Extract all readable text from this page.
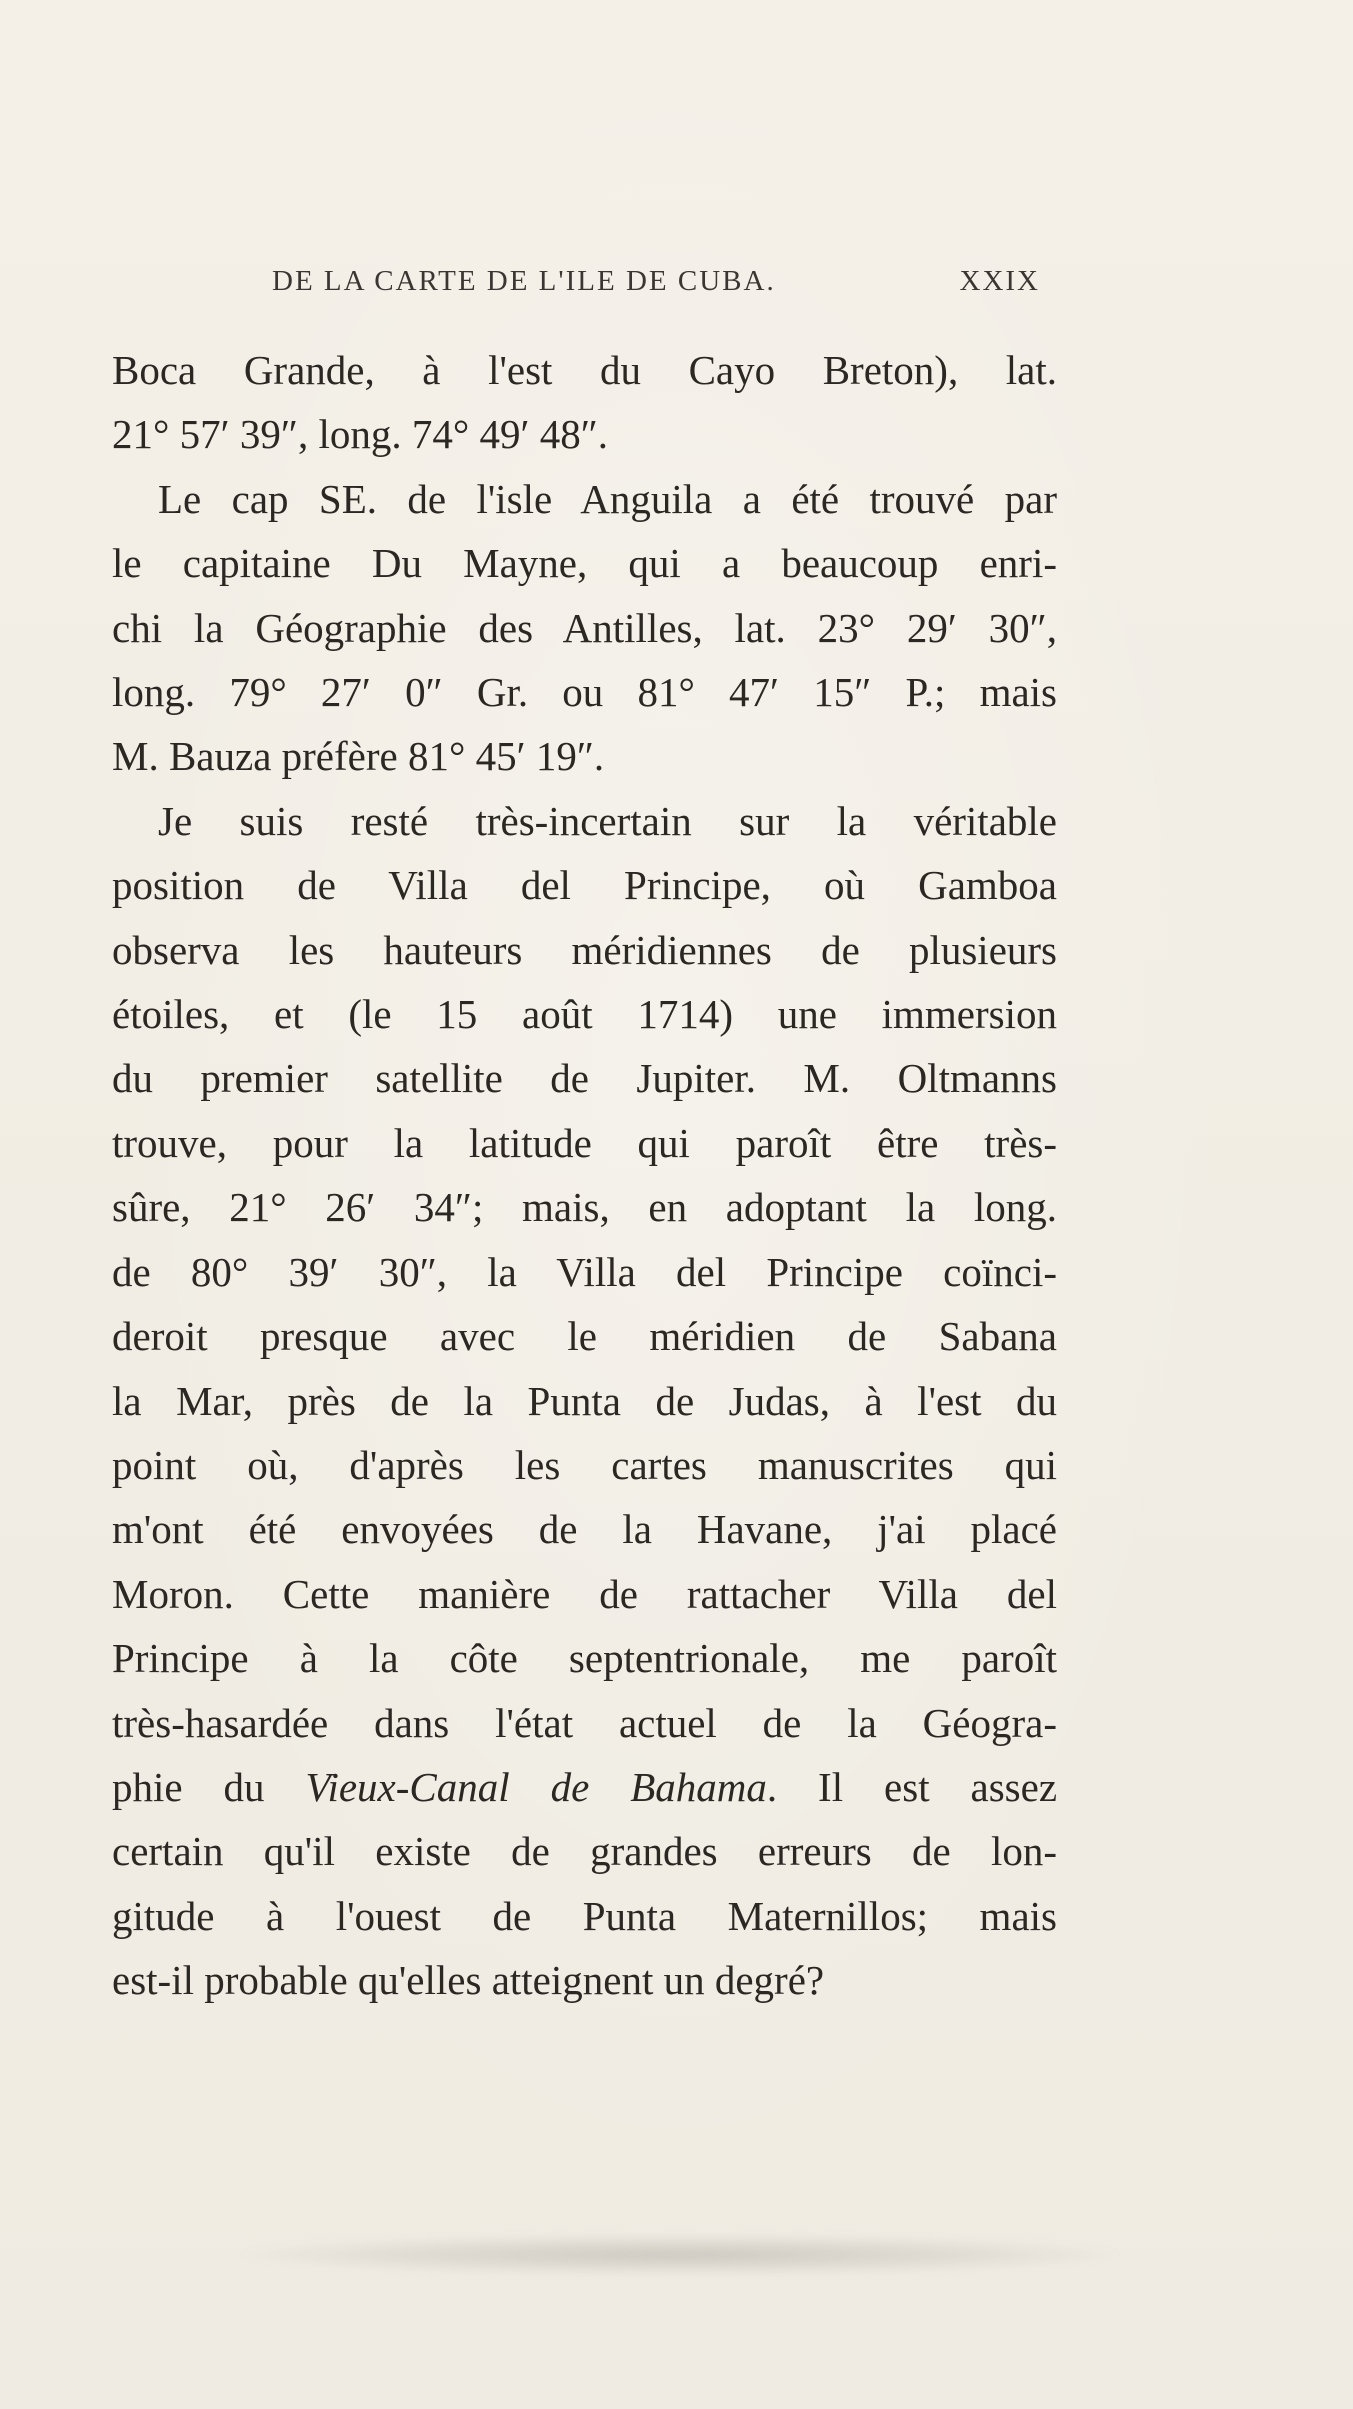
DE LA CARTE DE L'ILE DE CUBA.	XXIX
Boca Grande, à l'est du Cayo Breton), lat.
21° 57′ 39″, long. 74° 49′ 48″.
Le cap SE. de l'isle Anguila a été trouvé par
le capitaine Du Mayne, qui a beaucoup enri-
chi la Géographie des Antilles, lat. 23° 29′ 30″,
long. 79° 27′ 0″ Gr. ou 81° 47′ 15″ P.; mais
M. Bauza préfère 81° 45′ 19″.
Je suis resté très-incertain sur la véritable
position de Villa del Principe, où Gamboa
observa les hauteurs méridiennes de plusieurs
étoiles, et (le 15 août 1714) une immersion
du premier satellite de Jupiter. M. Oltmanns
trouve, pour la latitude qui paroît être très-
sûre, 21° 26′ 34″; mais, en adoptant la long.
de 80° 39′ 30″, la Villa del Principe coïnci-
deroit presque avec le méridien de Sabana
la Mar, près de la Punta de Judas, à l'est du
point où, d'après les cartes manuscrites qui
m'ont été envoyées de la Havane, j'ai placé
Moron. Cette manière de rattacher Villa del
Principe à la côte septentrionale, me paroît
très-hasardée dans l'état actuel de la Géogra-
phie du Vieux-Canal de Bahama. Il est assez
certain qu'il existe de grandes erreurs de lon-
gitude à l'ouest de Punta Maternillos; mais
est-il probable qu'elles atteignent un degré?
